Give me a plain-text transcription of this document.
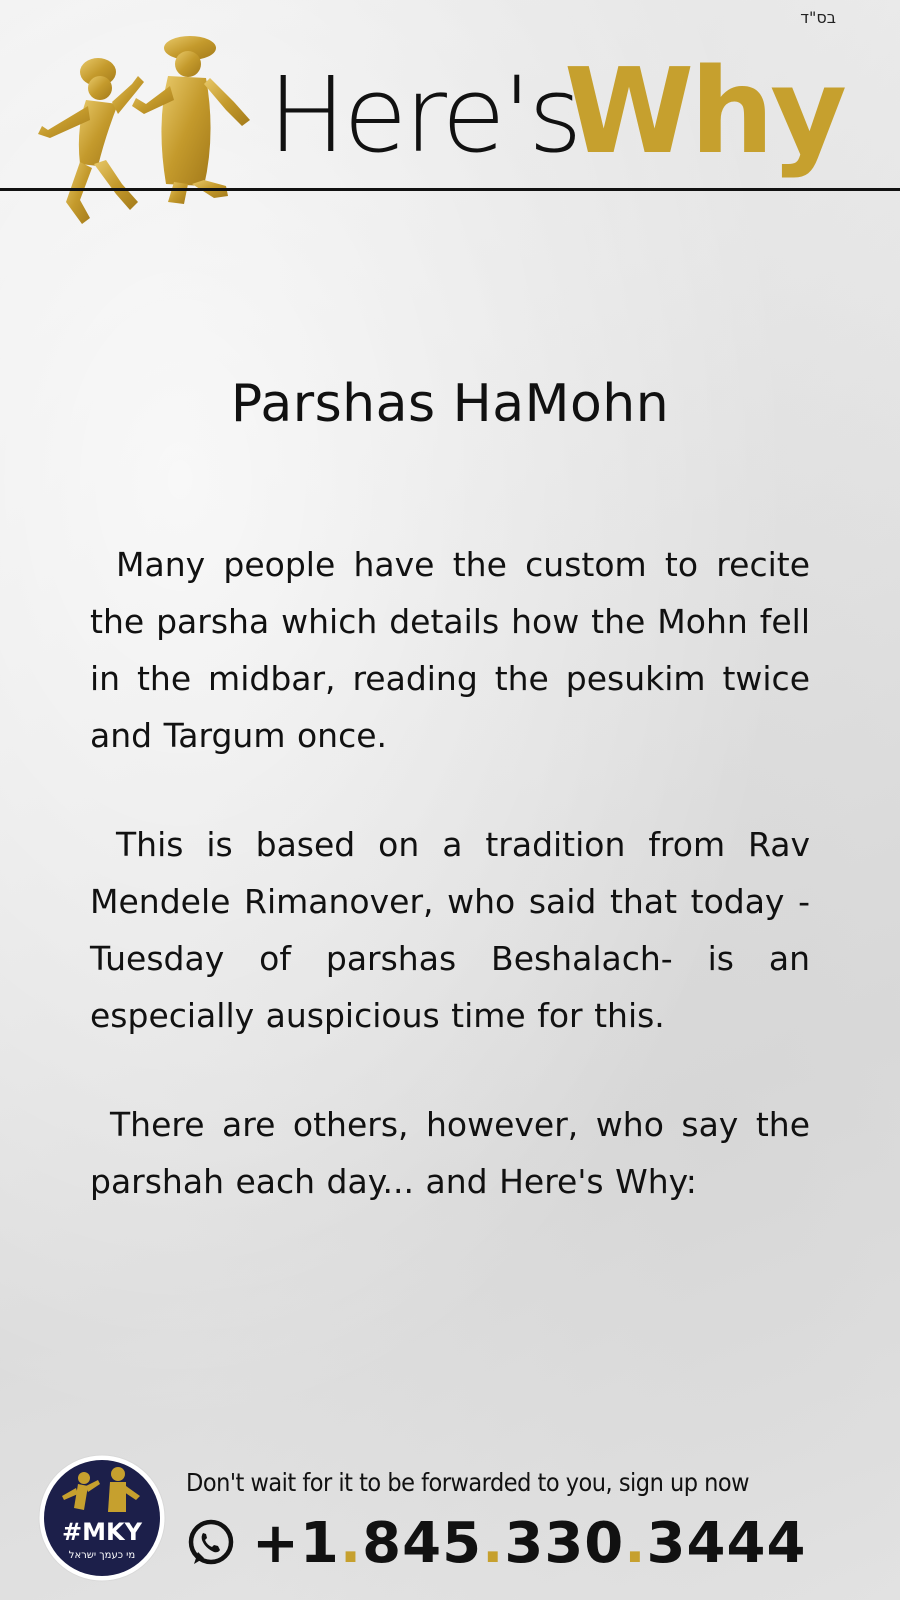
בס"ד
Here's
Why
Parshas HaMohn
Many people have the custom to recite the parsha which details how the Mohn fell in the midbar, reading the pesukim twice and Targum once.
This is based on a tradition from Rav Mendele Rimanover, who said that today - Tuesday of parshas Beshalach- is an especially auspicious time for this.
There are others, however, who say the parshah each day... and Here's Why:
#MKY
מי כעמך ישראל
Don't wait for it to be forwarded to you, sign up now
+1.845.330.3444
